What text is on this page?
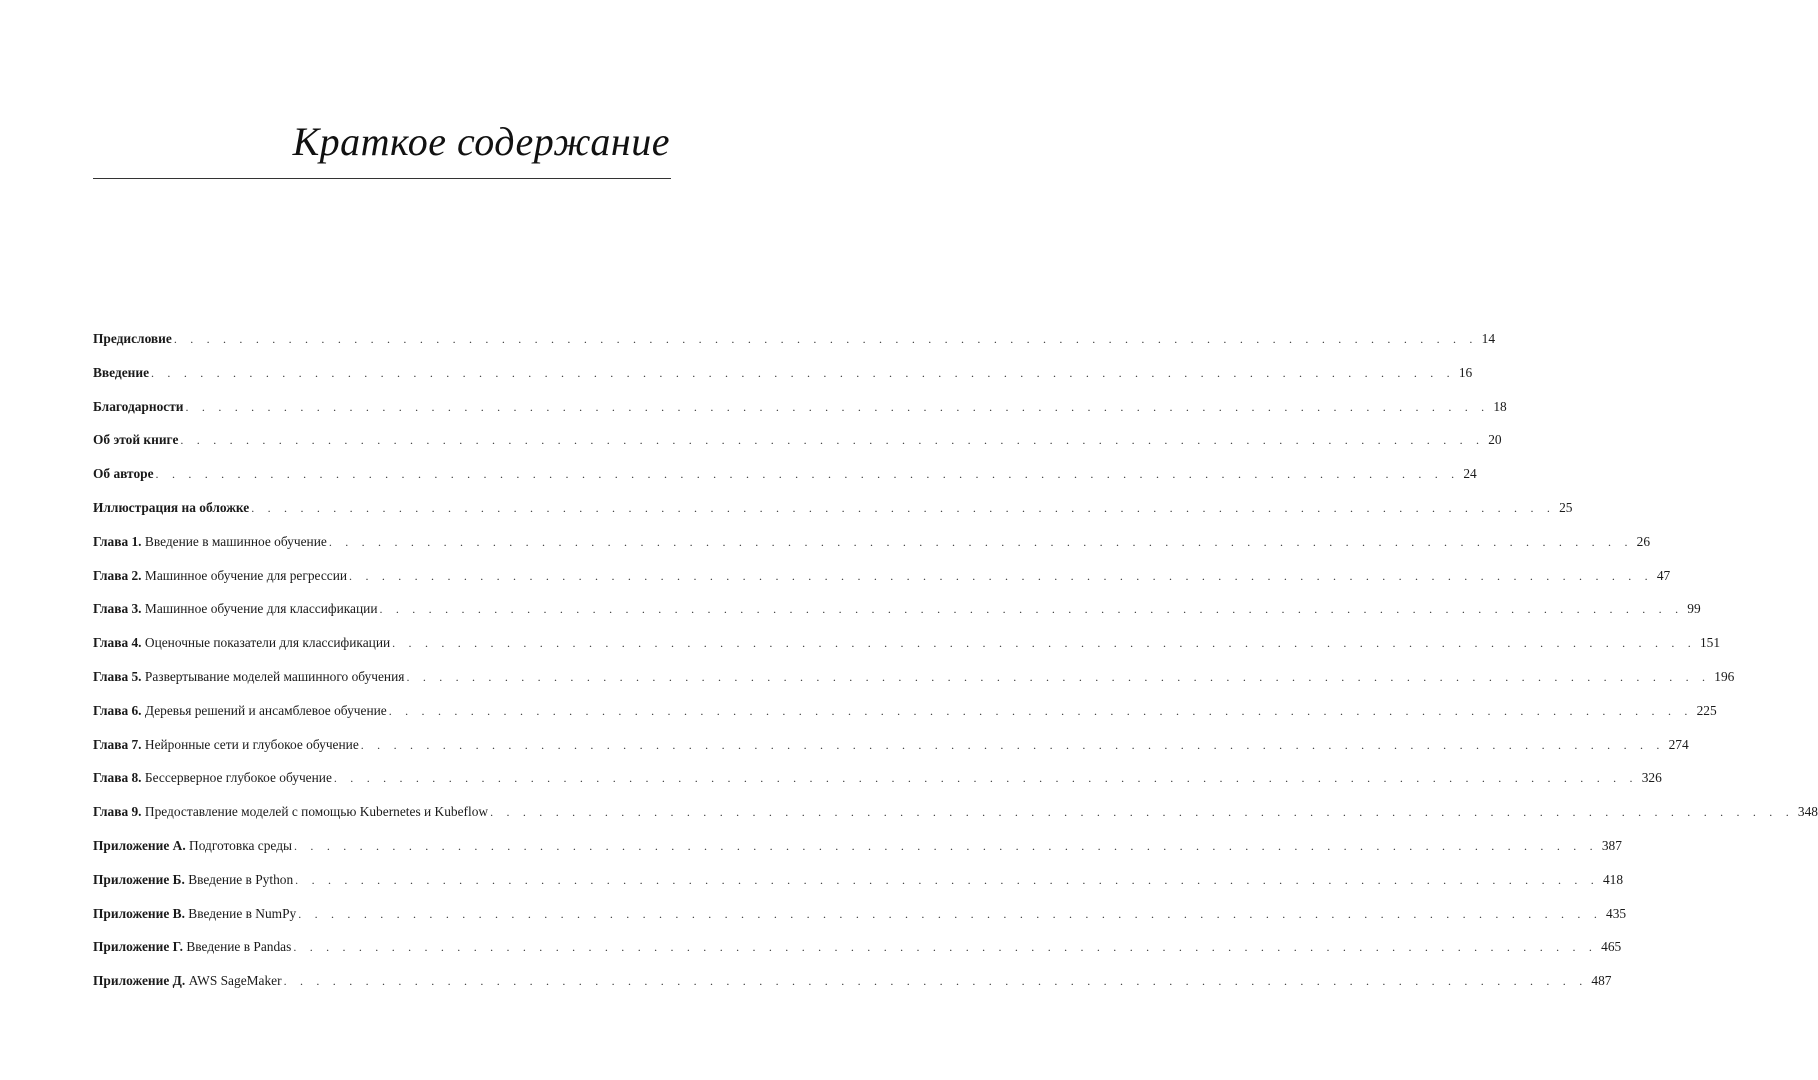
Краткое содержание
Предисловие . . . . . . . . . . . . . . . . . . . . . . . . . . . . . . . . . . . . . . . . . . . . . . . . . . . . . . . . . . . . . . . . . . . . . . . . . . . . . . . . 14
Введение . . . . . . . . . . . . . . . . . . . . . . . . . . . . . . . . . . . . . . . . . . . . . . . . . . . . . . . . . . . . . . . . . . . . . . . . . . . . . . . . 16
Благодарности . . . . . . . . . . . . . . . . . . . . . . . . . . . . . . . . . . . . . . . . . . . . . . . . . . . . . . . . . . . . . . . . . . . . . . . . . . . . . . . . 18
Об этой книге . . . . . . . . . . . . . . . . . . . . . . . . . . . . . . . . . . . . . . . . . . . . . . . . . . . . . . . . . . . . . . . . . . . . . . . . . . . . . . . . 20
Об авторе . . . . . . . . . . . . . . . . . . . . . . . . . . . . . . . . . . . . . . . . . . . . . . . . . . . . . . . . . . . . . . . . . . . . . . . . . . . . . . . . 24
Иллюстрация на обложке . . . . . . . . . . . . . . . . . . . . . . . . . . . . . . . . . . . . . . . . . . . . . . . . . . . . . . . . . . . . . . . . . . . . . . . . . . . . . . . . 25
Глава 1. Введение в машинное обучение . . . . . . . . . . . . . . . . . . . . . . . . . . . . . . . . . . . . . . . . . . . . . . . . . . . . . . . . . . . . . . . . . . . . . . . . . . . . . . . . 26
Глава 2. Машинное обучение для регрессии . . . . . . . . . . . . . . . . . . . . . . . . . . . . . . . . . . . . . . . . . . . . . . . . . . . . . . . . . . . . . . . . . . . . . . . . . . . . . . . . 47
Глава 3. Машинное обучение для классификации . . . . . . . . . . . . . . . . . . . . . . . . . . . . . . . . . . . . . . . . . . . . . . . . . . . . . . . . . . . . . . . . . . . . . . . . . . . . . . . . 99
Глава 4. Оценочные показатели для классификации . . . . . . . . . . . . . . . . . . . . . . . . . . . . . . . . . . . . . . . . . . . . . . . . . . . . . . . . . . . . . . . . . . . . . . . . . . . . . . . . 151
Глава 5. Развертывание моделей машинного обучения . . . . . . . . . . . . . . . . . . . . . . . . . . . . . . . . . . . . . . . . . . . . . . . . . . . . . . . . . . . . . . . . . . . . . . . . . . . . . . . . 196
Глава 6. Деревья решений и ансамблевое обучение . . . . . . . . . . . . . . . . . . . . . . . . . . . . . . . . . . . . . . . . . . . . . . . . . . . . . . . . . . . . . . . . . . . . . . . . . . . . . . . . 225
Глава 7. Нейронные сети и глубокое обучение . . . . . . . . . . . . . . . . . . . . . . . . . . . . . . . . . . . . . . . . . . . . . . . . . . . . . . . . . . . . . . . . . . . . . . . . . . . . . . . . 274
Глава 8. Бессерверное глубокое обучение . . . . . . . . . . . . . . . . . . . . . . . . . . . . . . . . . . . . . . . . . . . . . . . . . . . . . . . . . . . . . . . . . . . . . . . . . . . . . . . . 326
Глава 9. Предоставление моделей с помощью Kubernetes и Kubeflow . . . . . . . . . . . . . . . . . . . . . . . . . . . . . . . . . . . . . . . . . . . . . . . . . . . . . . . . . . . . . . . . . . . . . . . . . . . . . . . . 348
Приложение А. Подготовка среды . . . . . . . . . . . . . . . . . . . . . . . . . . . . . . . . . . . . . . . . . . . . . . . . . . . . . . . . . . . . . . . . . . . . . . . . . . . . . . . . 387
Приложение Б. Введение в Python . . . . . . . . . . . . . . . . . . . . . . . . . . . . . . . . . . . . . . . . . . . . . . . . . . . . . . . . . . . . . . . . . . . . . . . . . . . . . . . . 418
Приложение В. Введение в NumPy . . . . . . . . . . . . . . . . . . . . . . . . . . . . . . . . . . . . . . . . . . . . . . . . . . . . . . . . . . . . . . . . . . . . . . . . . . . . . . . . 435
Приложение Г. Введение в Pandas . . . . . . . . . . . . . . . . . . . . . . . . . . . . . . . . . . . . . . . . . . . . . . . . . . . . . . . . . . . . . . . . . . . . . . . . . . . . . . . . 465
Приложение Д. AWS SageMaker . . . . . . . . . . . . . . . . . . . . . . . . . . . . . . . . . . . . . . . . . . . . . . . . . . . . . . . . . . . . . . . . . . . . . . . . . . . . . . . . 487
